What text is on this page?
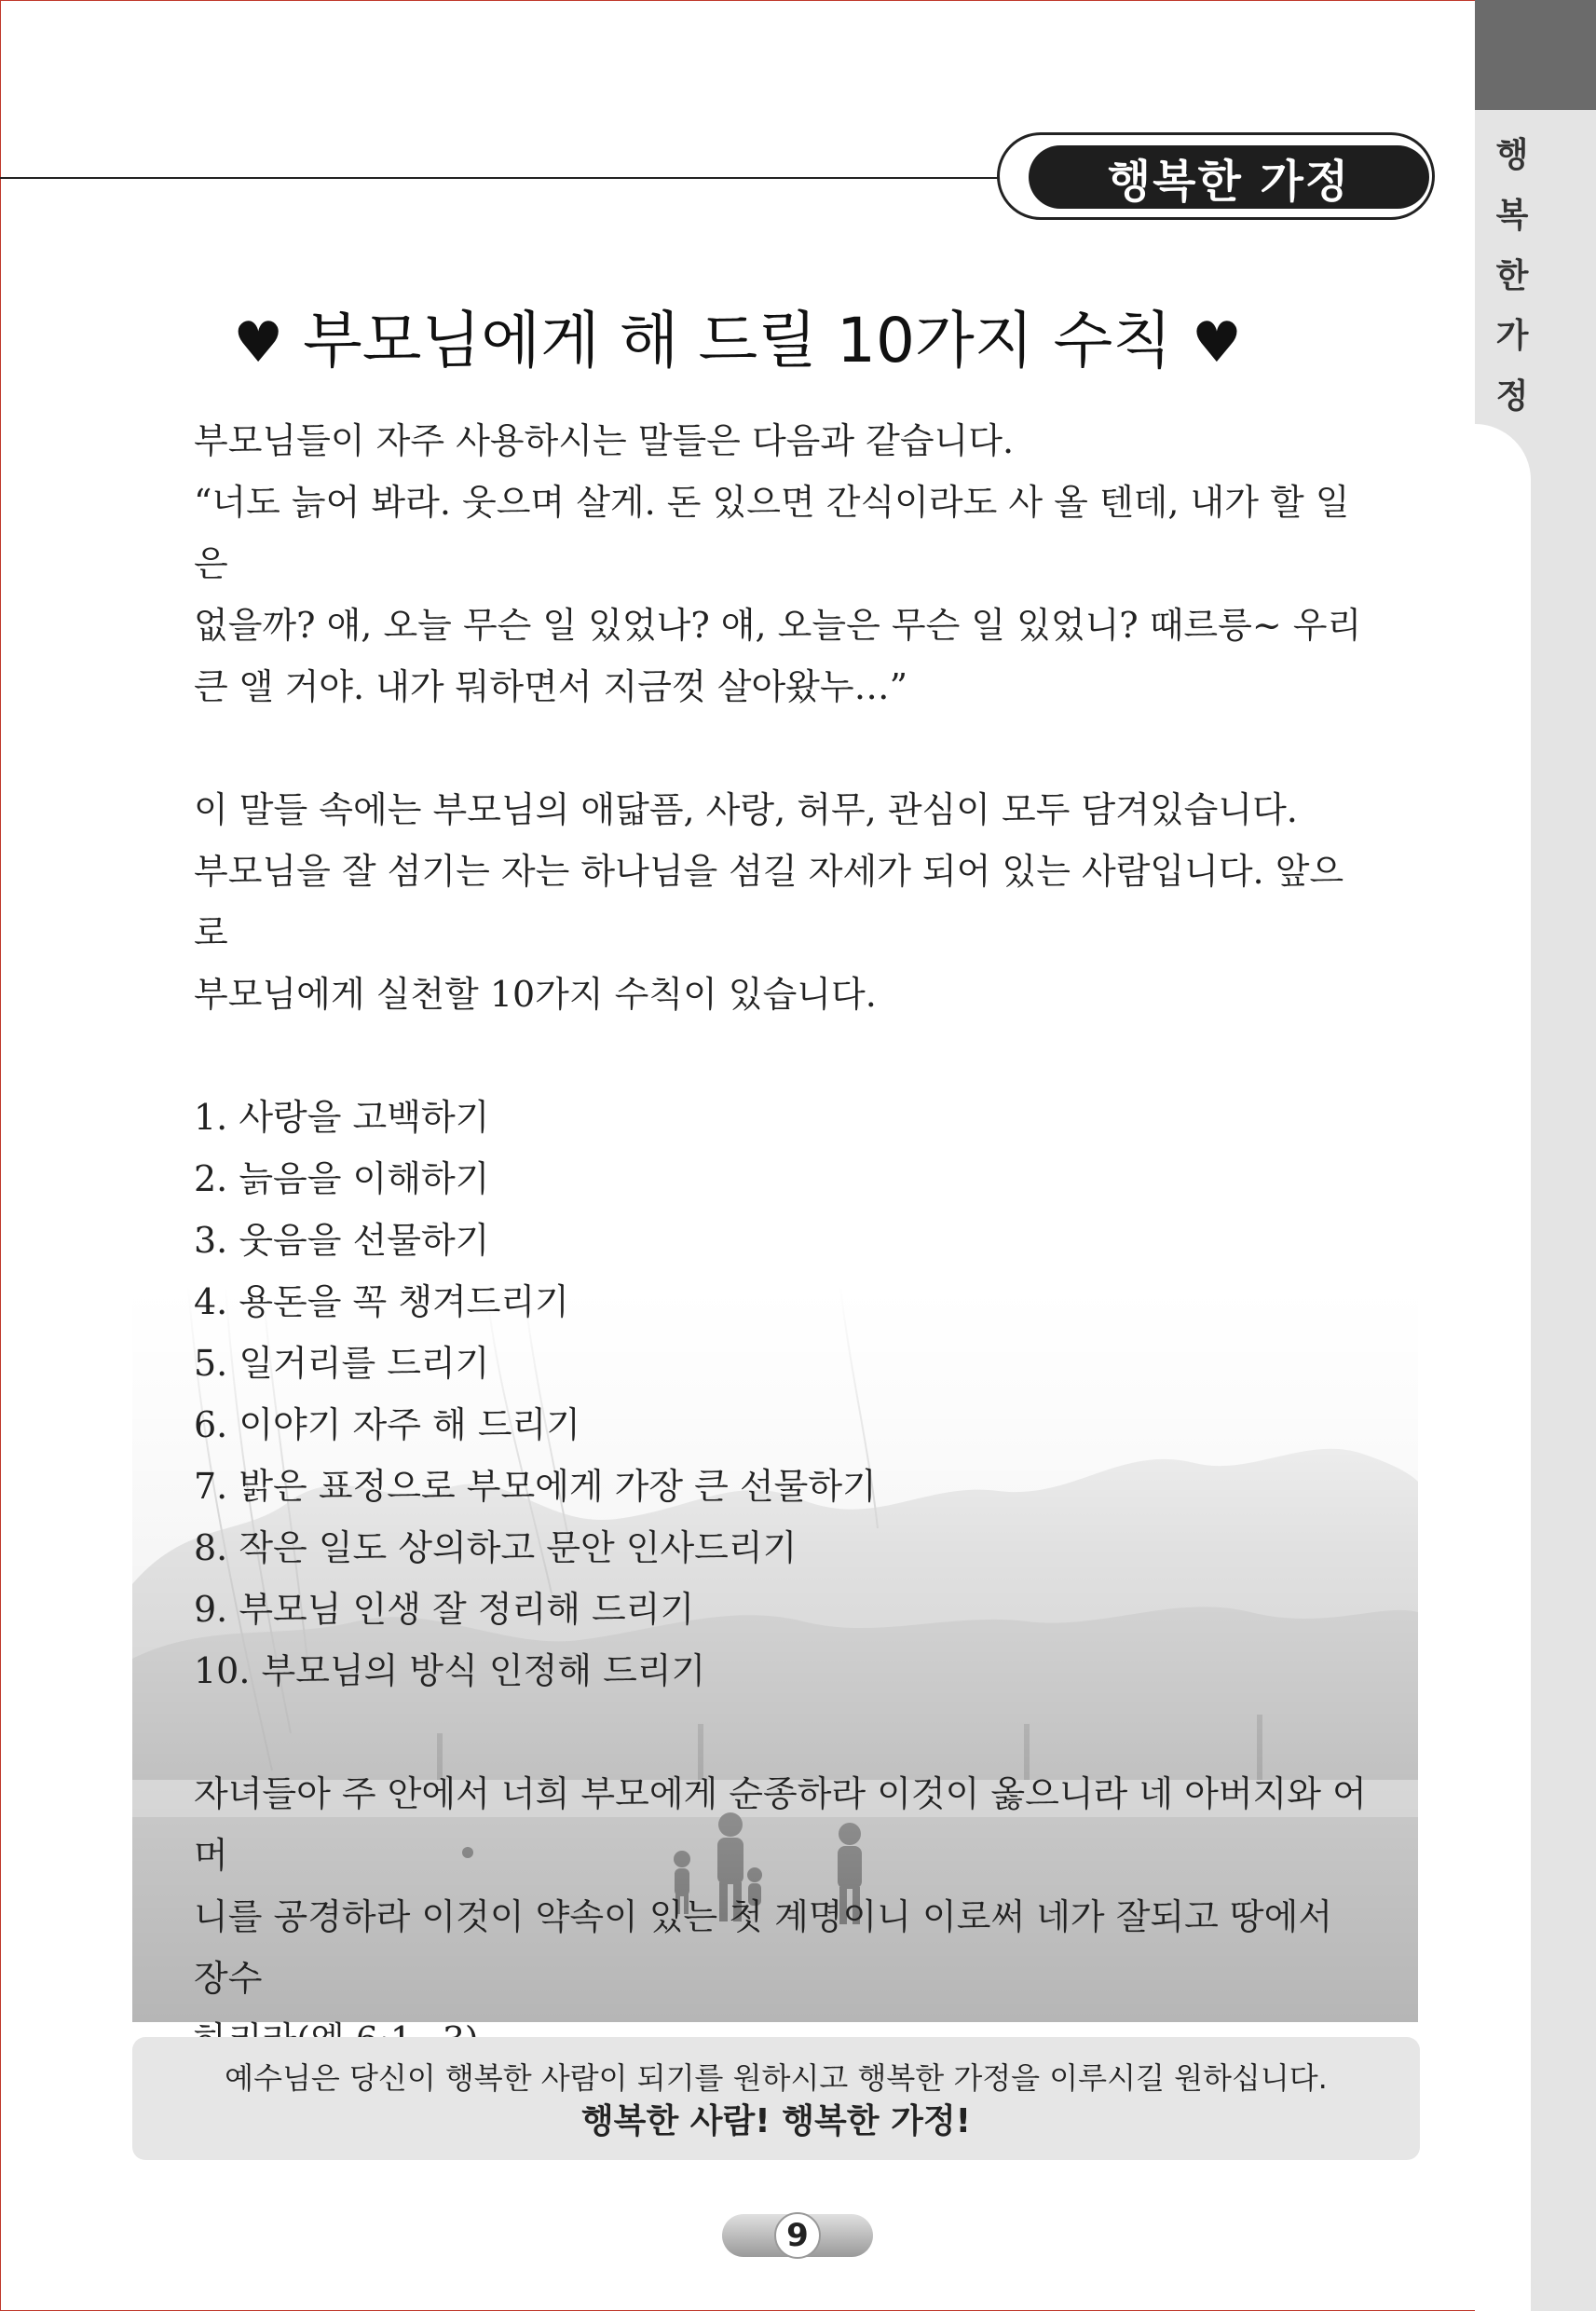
행
복
한
가
정
행복한 가정
♥ 부모님에게 해 드릴 10가지 수칙 ♥

부모님들이 자주 사용하시는 말들은 다음과 같습니다.

“너도 늙어 봐라. 웃으며 살게. 돈 있으면 간식이라도 사 올 텐데, 내가 할 일은

없을까? 얘, 오늘 무슨 일 있었나? 얘, 오늘은 무슨 일 있었니? 때르릉~ 우리

큰 앨 거야. 내가 뭐하면서 지금껏 살아왔누…”

이 말들 속에는 부모님의 애닯픔, 사랑, 허무, 관심이 모두 담겨있습니다.

부모님을 잘 섬기는 자는 하나님을 섬길 자세가 되어 있는 사람입니다. 앞으로

부모님에게 실천할 10가지 수칙이 있습니다.

1. 사랑을 고백하기
2. 늙음을 이해하기
3. 웃음을 선물하기
4. 용돈을 꼭 챙겨드리기
5. 일거리를 드리기
6. 이야기 자주 해 드리기
7. 밝은 표정으로 부모에게 가장 큰 선물하기
8. 작은 일도 상의하고 문안 인사드리기
9. 부모님 인생 잘 정리해 드리기
10. 부모님의 방식 인정해 드리기

자녀들아 주 안에서 너희 부모에게 순종하라 이것이 옳으니라 네 아버지와 어머

니를 공경하라 이것이 약속이 있는 첫 계명이니 이로써 네가 잘되고 땅에서 장수

예수님은 당신이 행복한 사람이 되기를 원하시고 행복한 가정을 이루시길 원하십니다.
행복한 사람! 행복한 가정!
9
